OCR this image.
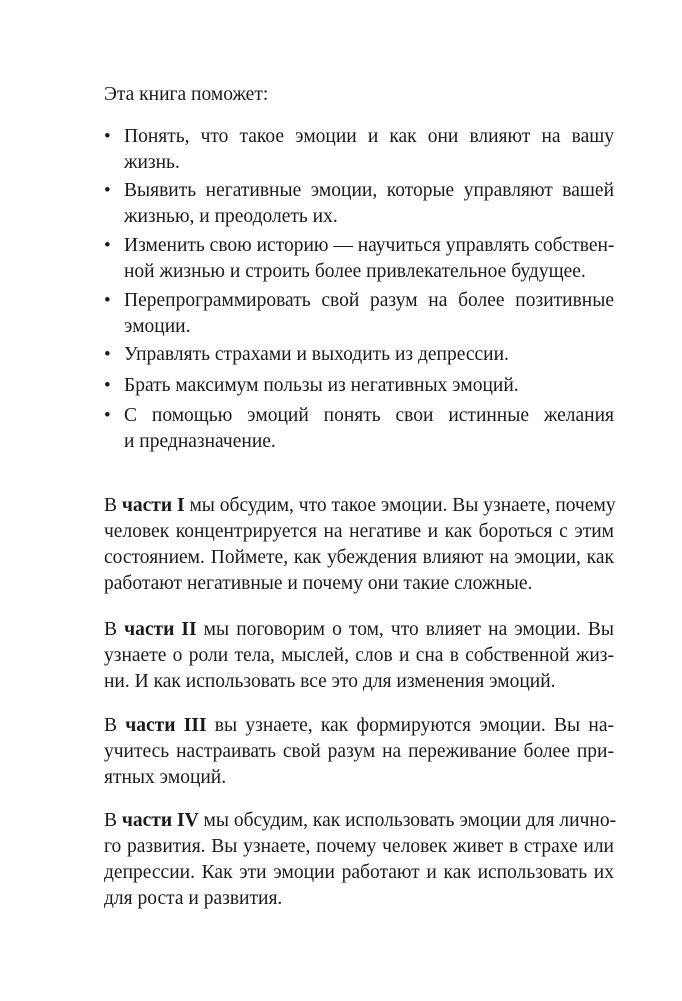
Эта книга поможет:
• Понять, что такое эмоции и как они влияют на вашу
жизнь.
• Выявить негативные эмоции, которые управляют вашей
жизнью, и преодолеть их.
• Изменить свою историю — научиться управлять собствен-
ной жизнью и строить более привлекательное будущее.
• Перепрограммировать свой разум на более позитивные
эмоции.
• Управлять страхами и выходить из депрессии.
• Брать максимум пользы из негативных эмоций.
• С помощью эмоций понять свои истинные желания
и предназначение.
В части I мы обсудим, что такое эмоции. Вы узнаете, почему
человек концентрируется на негативе и как бороться с этим
состоянием. Поймете, как убеждения влияют на эмоции, как
работают негативные и почему они такие сложные.
В части II мы поговорим о том, что влияет на эмоции. Вы
узнаете о роли тела, мыслей, слов и сна в собственной жиз-
ни. И как использовать все это для изменения эмоций.
В части III вы узнаете, как формируются эмоции. Вы на-
учитесь настраивать свой разум на переживание более при-
ятных эмоций.
В части IV мы обсудим, как использовать эмоции для лично-
го развития. Вы узнаете, почему человек живет в страхе или
депрессии. Как эти эмоции работают и как использовать их
для роста и развития.
